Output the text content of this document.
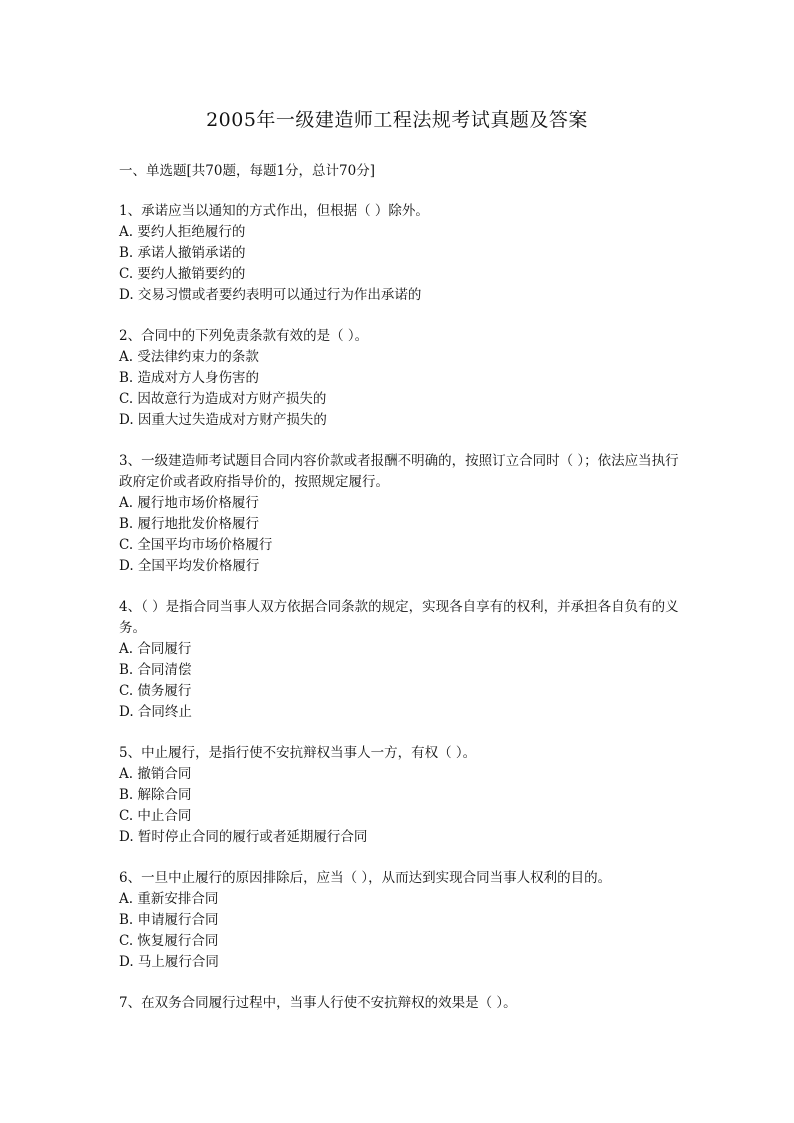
2005年一级建造师工程法规考试真题及答案

一、单选题[共70题，每题1分，总计70分]

1、承诺应当以通知的方式作出，但根据（ ）除外。

A. 要约人拒绝履行的

B. 承诺人撤销承诺的

C. 要约人撤销要约的

D. 交易习惯或者要约表明可以通过行为作出承诺的

2、合同中的下列免责条款有效的是（ ）。

A. 受法律约束力的条款

B. 造成对方人身伤害的

C. 因故意行为造成对方财产损失的

D. 因重大过失造成对方财产损失的

3、一级建造师考试题目合同内容价款或者报酬不明确的，按照订立合同时（ ）；依法应当执行政府定价或者政府指导价的，按照规定履行。

A. 履行地市场价格履行

B. 履行地批发价格履行

C. 全国平均市场价格履行

D. 全国平均发价格履行

4、（ ）是指合同当事人双方依据合同条款的规定，实现各自享有的权利，并承担各自负有的义务。

A. 合同履行

B. 合同清偿

C. 债务履行

D. 合同终止

5、中止履行，是指行使不安抗辩权当事人一方，有权（ ）。

A. 撤销合同

B. 解除合同

C. 中止合同

D. 暂时停止合同的履行或者延期履行合同

6、一旦中止履行的原因排除后，应当（ ），从而达到实现合同当事人权利的目的。

A. 重新安排合同

B. 申请履行合同

C. 恢复履行合同

D. 马上履行合同

7、在双务合同履行过程中，当事人行使不安抗辩权的效果是（ ）。
